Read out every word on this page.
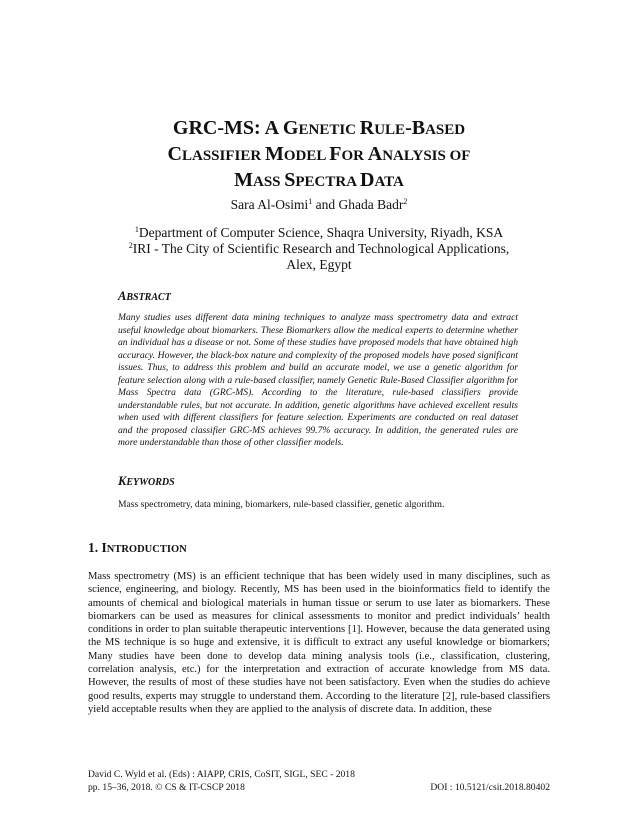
GRC-MS: A GENETIC RULE-BASED
CLASSIFIER MODEL FOR ANALYSIS OF
MASS SPECTRA DATA
Sara Al-Osimi$^1$ and Ghada Badr$^2$
$^1$Department of Computer Science, Shaqra University, Riyadh, KSA
$^2$IRI - The City of Scientific Research and Technological Applications,
Alex, Egypt
ABSTRACT
Many studies uses different data mining techniques to analyze mass spectrometry data and extract useful knowledge about biomarkers. These Biomarkers allow the medical experts to determine whether an individual has a disease or not. Some of these studies have proposed models that have obtained high accuracy. However, the black-box nature and complexity of the proposed models have posed significant issues. Thus, to address this problem and build an accurate model, we use a genetic algorithm for feature selection along with a rule-based classifier, namely Genetic Rule-Based Classifier algorithm for Mass Spectra data (GRC-MS). According to the literature, rule-based classifiers provide understandable rules, but not accurate. In addition, genetic algorithms have achieved excellent results when used with different classifiers for feature selection. Experiments are conducted on real dataset and the proposed classifier GRC-MS achieves 99.7% accuracy. In addition, the generated rules are more understandable than those of other classifier models.
KEYWORDS
Mass spectrometry, data mining, biomarkers, rule-based classifier, genetic algorithm.
1. INTRODUCTION
Mass spectrometry (MS) is an efficient technique that has been widely used in many disciplines, such as science, engineering, and biology. Recently, MS has been used in the bioinformatics field to identify the amounts of chemical and biological materials in human tissue or serum to use later as biomarkers. These biomarkers can be used as measures for clinical assessments to monitor and predict individuals’ health conditions in order to plan suitable therapeutic interventions [1]. However, because the data generated using the MS technique is so huge and extensive, it is difficult to extract any useful knowledge or biomarkers; Many studies have been done to develop data mining analysis tools (i.e., classification, clustering, correlation analysis, etc.) for the interpretation and extraction of accurate knowledge from MS data. However, the results of most of these studies have not been satisfactory. Even when the studies do achieve good results, experts may struggle to understand them. According to the literature [2], rule-based classifiers yield acceptable results when they are applied to the analysis of discrete data. In addition, these
David C. Wyld et al. (Eds) : AIAPP, CRIS, CoSIT, SIGL, SEC - 2018
pp. 15–36, 2018. © CS & IT-CSCP 2018	DOI : 10.5121/csit.2018.80402
